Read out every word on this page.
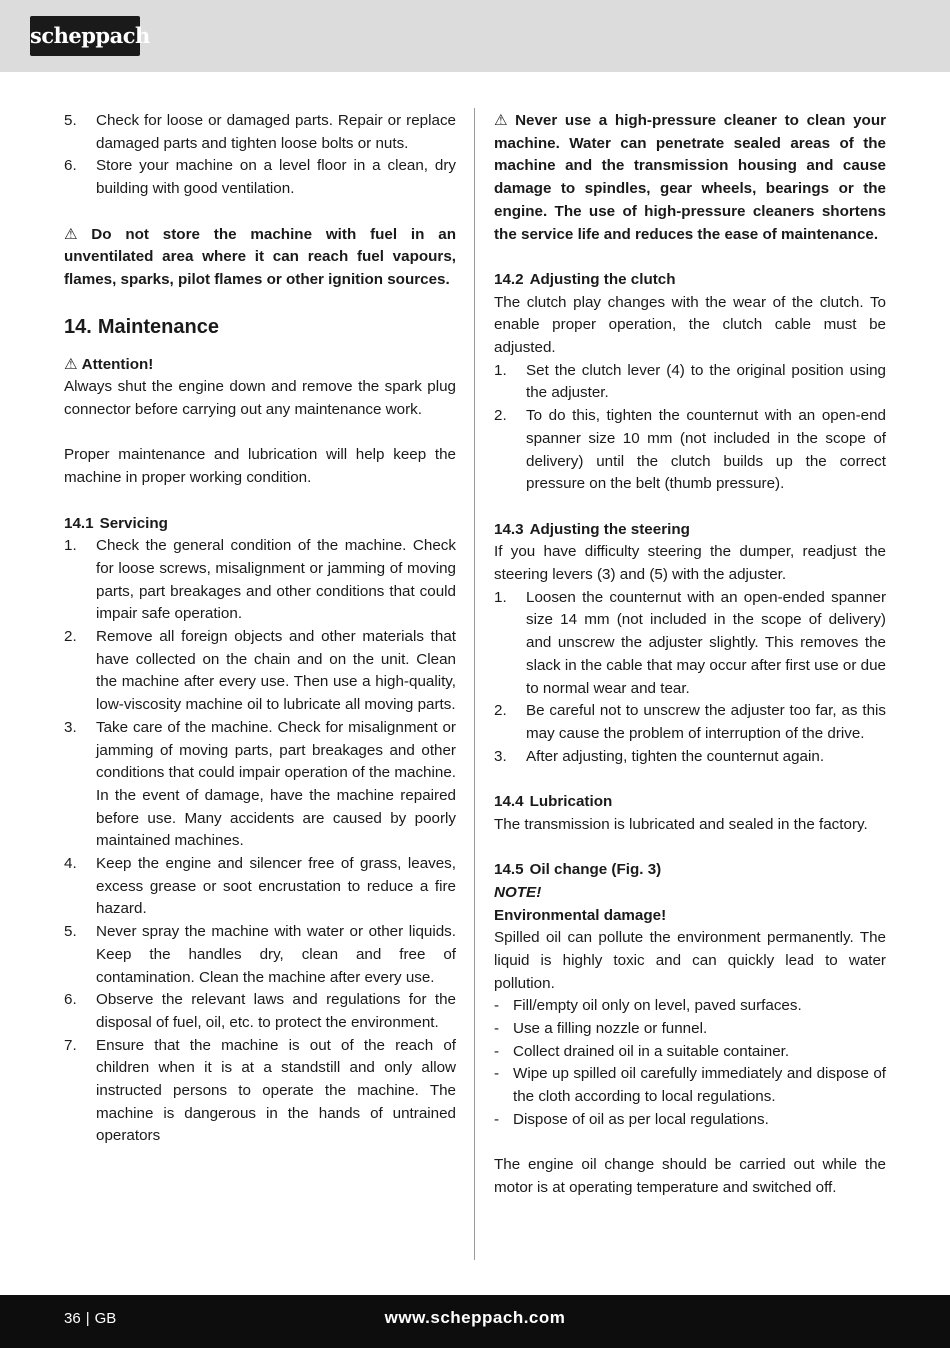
scheppach
5. Check for loose or damaged parts. Repair or replace damaged parts and tighten loose bolts or nuts.
6. Store your machine on a level floor in a clean, dry building with good ventilation.

⚠ Do not store the machine with fuel in an unventilated area where it can reach fuel vapours, flames, sparks, pilot flames or other ignition sources.

14. Maintenance

⚠ Attention!

Always shut the engine down and remove the spark plug connector before carrying out any maintenance work.

Proper maintenance and lubrication will help keep the machine in proper working condition.

14.1 Servicing
1. Check the general condition of the machine. Check for loose screws, misalignment or jamming of moving parts, part breakages and other conditions that could impair safe operation.
2. Remove all foreign objects and other materials that have collected on the chain and on the unit. Clean the machine after every use. Then use a high-quality, low-viscosity machine oil to lubricate all moving parts.
3. Take care of the machine. Check for misalignment or jamming of moving parts, part breakages and other conditions that could impair operation of the machine. In the event of damage, have the machine repaired before use. Many accidents are caused by poorly maintained machines.
4. Keep the engine and silencer free of grass, leaves, excess grease or soot encrustation to reduce a fire hazard.
5. Never spray the machine with water or other liquids. Keep the handles dry, clean and free of contamination. Clean the machine after every use.
6. Observe the relevant laws and regulations for the disposal of fuel, oil, etc. to protect the environment.
7. Ensure that the machine is out of the reach of children when it is at a standstill and only allow instructed persons to operate the machine. The machine is dangerous in the hands of untrained operators

⚠ Never use a high-pressure cleaner to clean your machine. Water can penetrate sealed areas of the machine and the transmission housing and cause damage to spindles, gear wheels, bearings or the engine. The use of high-pressure cleaners shortens the service life and reduces the ease of maintenance.

14.2 Adjusting the clutch

The clutch play changes with the wear of the clutch. To enable proper operation, the clutch cable must be adjusted.

1. Set the clutch lever (4) to the original position using the adjuster.
2. To do this, tighten the counternut with an open-end spanner size 10 mm (not included in the scope of delivery) until the clutch builds up the correct pressure on the belt (thumb pressure).
14.3 Adjusting the steering

If you have difficulty steering the dumper, readjust the steering levers (3) and (5) with the adjuster.

1. Loosen the counternut with an open-ended spanner size 14 mm (not included in the scope of delivery) and unscrew the adjuster slightly. This removes the slack in the cable that may occur after first use or due to normal wear and tear.
2. Be careful not to unscrew the adjuster too far, as this may cause the problem of interruption of the drive.
3. After adjusting, tighten the counternut again.
14.4 Lubrication

The transmission is lubricated and sealed in the factory.

14.5 Oil change (Fig. 3)

NOTE!

Environmental damage!

Spilled oil can pollute the environment permanently. The liquid is highly toxic and can quickly lead to water pollution.

- Fill/empty oil only on level, paved surfaces.
- Use a filling nozzle or funnel.
- Collect drained oil in a suitable container.
- Wipe up spilled oil carefully immediately and dispose of the cloth according to local regulations.
- Dispose of oil as per local regulations.

The engine oil change should be carried out while the motor is at operating temperature and switched off.

36 | GB	www.scheppach.com
